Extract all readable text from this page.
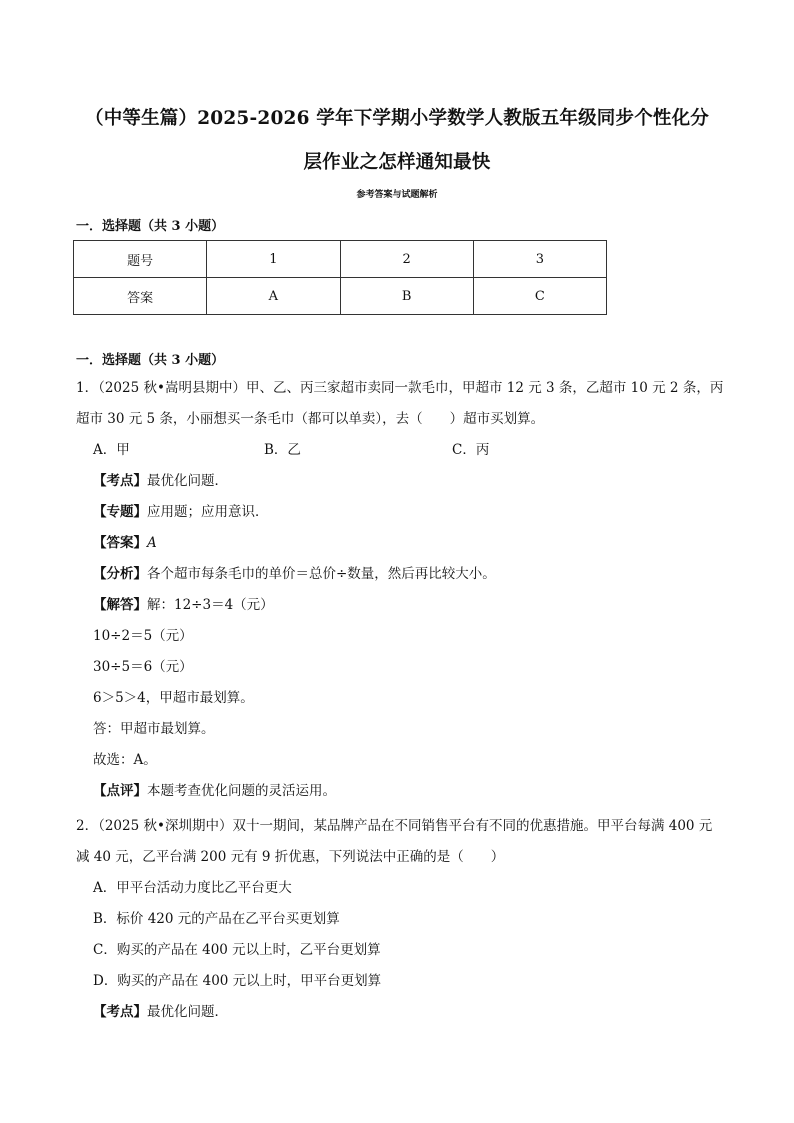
（中等生篇）2025-2026 学年下学期小学数学人教版五年级同步个性化分
层作业之怎样通知最快
参考答案与试题解析
一．选择题（共 3 小题）
题号	1	2	3
答案	A	B	C
一．选择题（共 3 小题）
1．（2025 秋•嵩明县期中）甲、乙、丙三家超市卖同一款毛巾，甲超市 12 元 3 条，乙超市 10 元 2 条，丙
超市 30 元 5 条，小丽想买一条毛巾（都可以单卖），去（　　）超市买划算。
A．甲	B．乙	C．丙
【考点】最优化问题．
【专题】应用题；应用意识．
【答案】A
【分析】各个超市每条毛巾的单价＝总价÷数量，然后再比较大小。
【解答】解：12÷3＝4（元）
10÷2＝5（元）
30÷5＝6（元）
6＞5＞4，甲超市最划算。
答：甲超市最划算。
故选：A。
【点评】本题考查优化问题的灵活运用。
2．（2025 秋•深圳期中）双十一期间，某品牌产品在不同销售平台有不同的优惠措施。甲平台每满 400 元
减 40 元，乙平台满 200 元有 9 折优惠，下列说法中正确的是（　　）
A．甲平台活动力度比乙平台更大
B．标价 420 元的产品在乙平台买更划算
C．购买的产品在 400 元以上时，乙平台更划算
D．购买的产品在 400 元以上时，甲平台更划算
【考点】最优化问题．
